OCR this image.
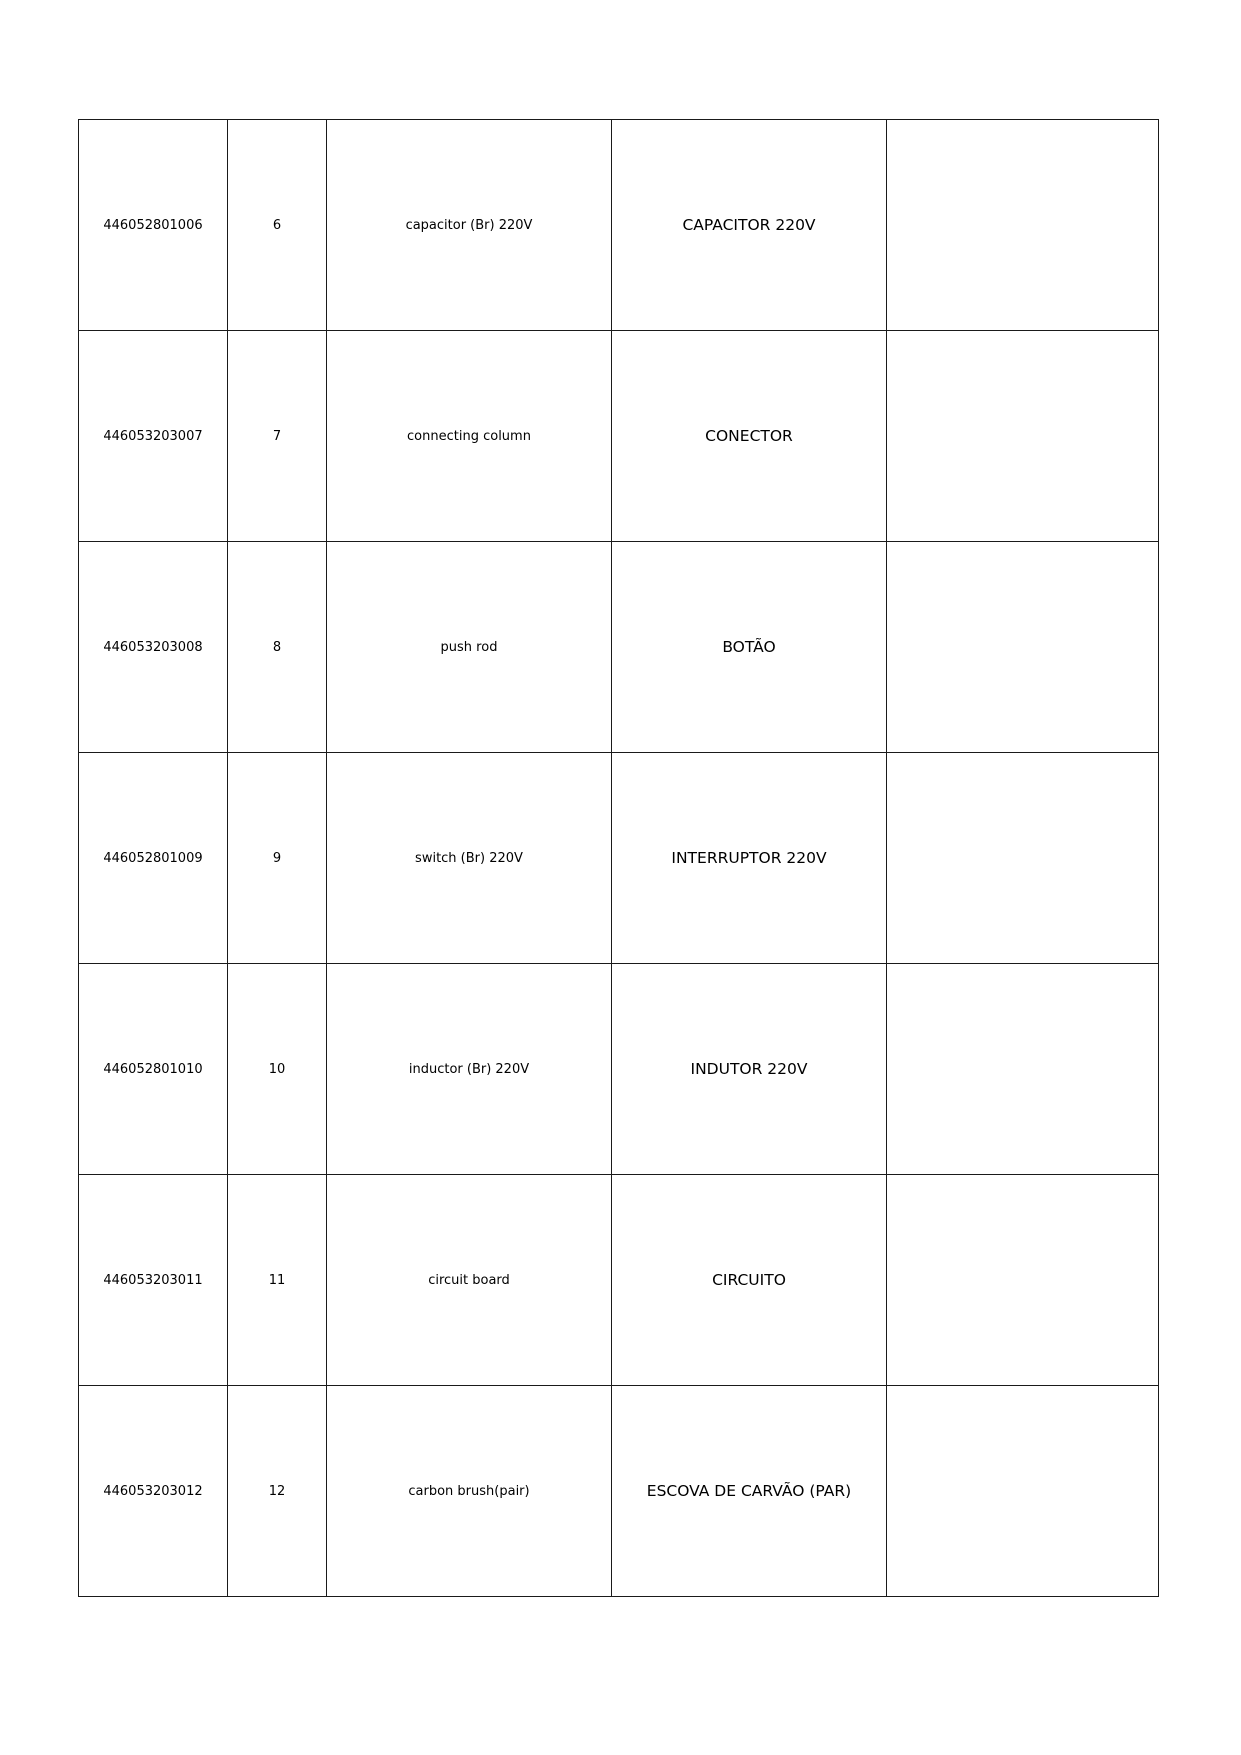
446052801006	6	capacitor (Br) 220V	CAPACITOR 220V	
446053203007	7	connecting column	CONECTOR	
446053203008	8	push rod	BOTÃO	
446052801009	9	switch (Br) 220V	INTERRUPTOR 220V	
446052801010	10	inductor (Br) 220V	INDUTOR 220V	
446053203011	11	circuit board	CIRCUITO	
446053203012	12	carbon brush(pair)	ESCOVA DE CARVÃO (PAR)	
